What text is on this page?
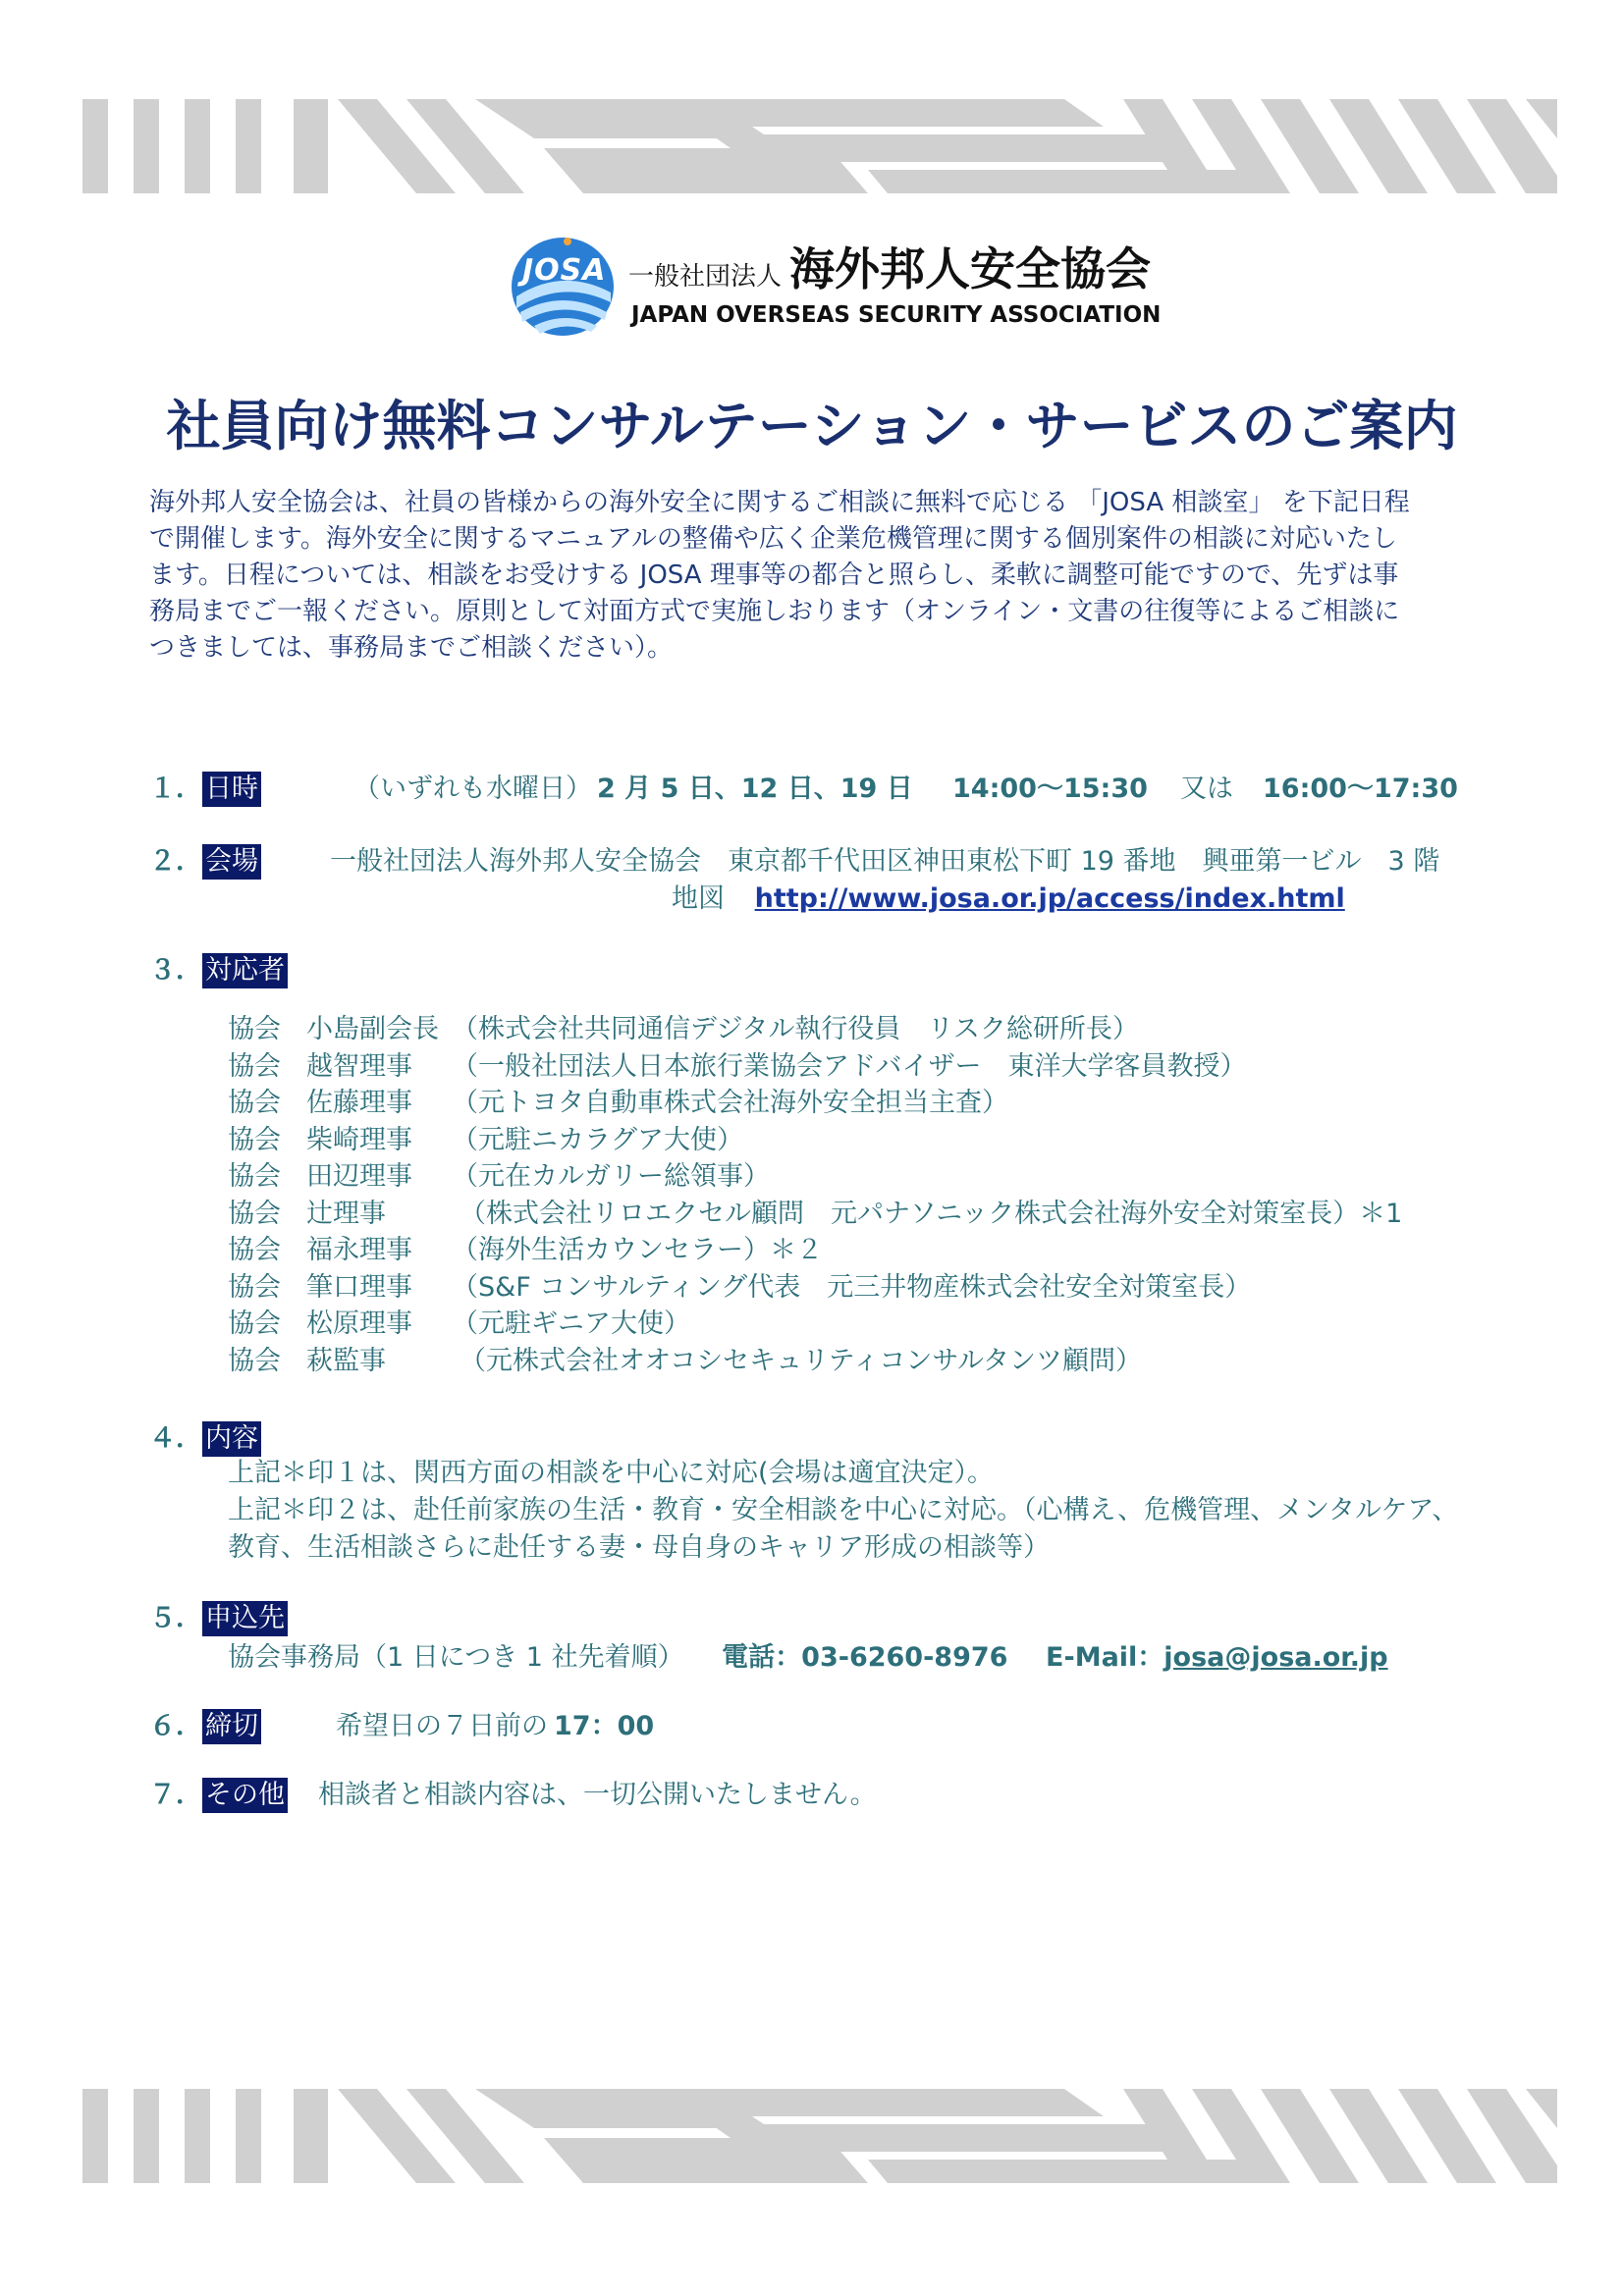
JOSA 一般社団法人 海外邦人安全協会
JAPAN OVERSEAS SECURITY ASSOCIATION
社員向け無料コンサルテーション・サービスのご案内
海外邦人安全協会は、社員の皆様からの海外安全に関するご相談に無料で応じる 「JOSA 相談室」 を下記日程
で開催します。海外安全に関するマニュアルの整備や広く企業危機管理に関する個別案件の相談に対応いたし
ます。日程については、相談をお受けする JOSA 理事等の都合と照らし、柔軟に調整可能ですので、先ずは事
務局までご一報ください。原則として対面方式で実施しおります（オンライン・文書の往復等によるご相談に
つきましては、事務局までご相談ください）。
１． 日時	（いずれも水曜日） 2 月 5 日、12 日、19 日 14:00～15:30 又は 16:00～17:30
２． 会場	一般社団法人海外邦人安全協会　東京都千代田区神田東松下町 19 番地　興亜第一ビル　3 階
地図 http://www.josa.or.jp/access/index.html
３． 対応者
協会 小島副会長 （株式会社共同通信デジタル執行役員　リスク総研所長）
協会 越智理事 （一般社団法人日本旅行業協会アドバイザー　東洋大学客員教授）
協会 佐藤理事 （元トヨタ自動車株式会社海外安全担当主査）
協会 柴崎理事 （元駐ニカラグア大使）
協会 田辺理事 （元在カルガリー総領事）
協会 辻理事	（株式会社リロエクセル顧問　元パナソニック株式会社海外安全対策室長）＊1
協会 福永理事 （海外生活カウンセラー）＊２
協会 筆口理事 （S&F コンサルティング代表　元三井物産株式会社安全対策室長）
協会 松原理事 （元駐ギニア大使）
協会 萩監事	（元株式会社オオコシセキュリティコンサルタンツ顧問）
４． 内容
上記＊印１は、関西方面の相談を中心に対応(会場は適宜決定）。
上記＊印２は、赴任前家族の生活・教育・安全相談を中心に対応。（心構え、危機管理、メンタルケア、
教育、生活相談さらに赴任する妻・母自身のキャリア形成の相談等）
５． 申込先
協会事務局（1 日につき 1 社先着順） 電話：03-6260-8976 E-Mail：josa@josa.or.jp
６． 締切	希望日の７日前の 17：00
７． その他 相談者と相談内容は、一切公開いたしません。
